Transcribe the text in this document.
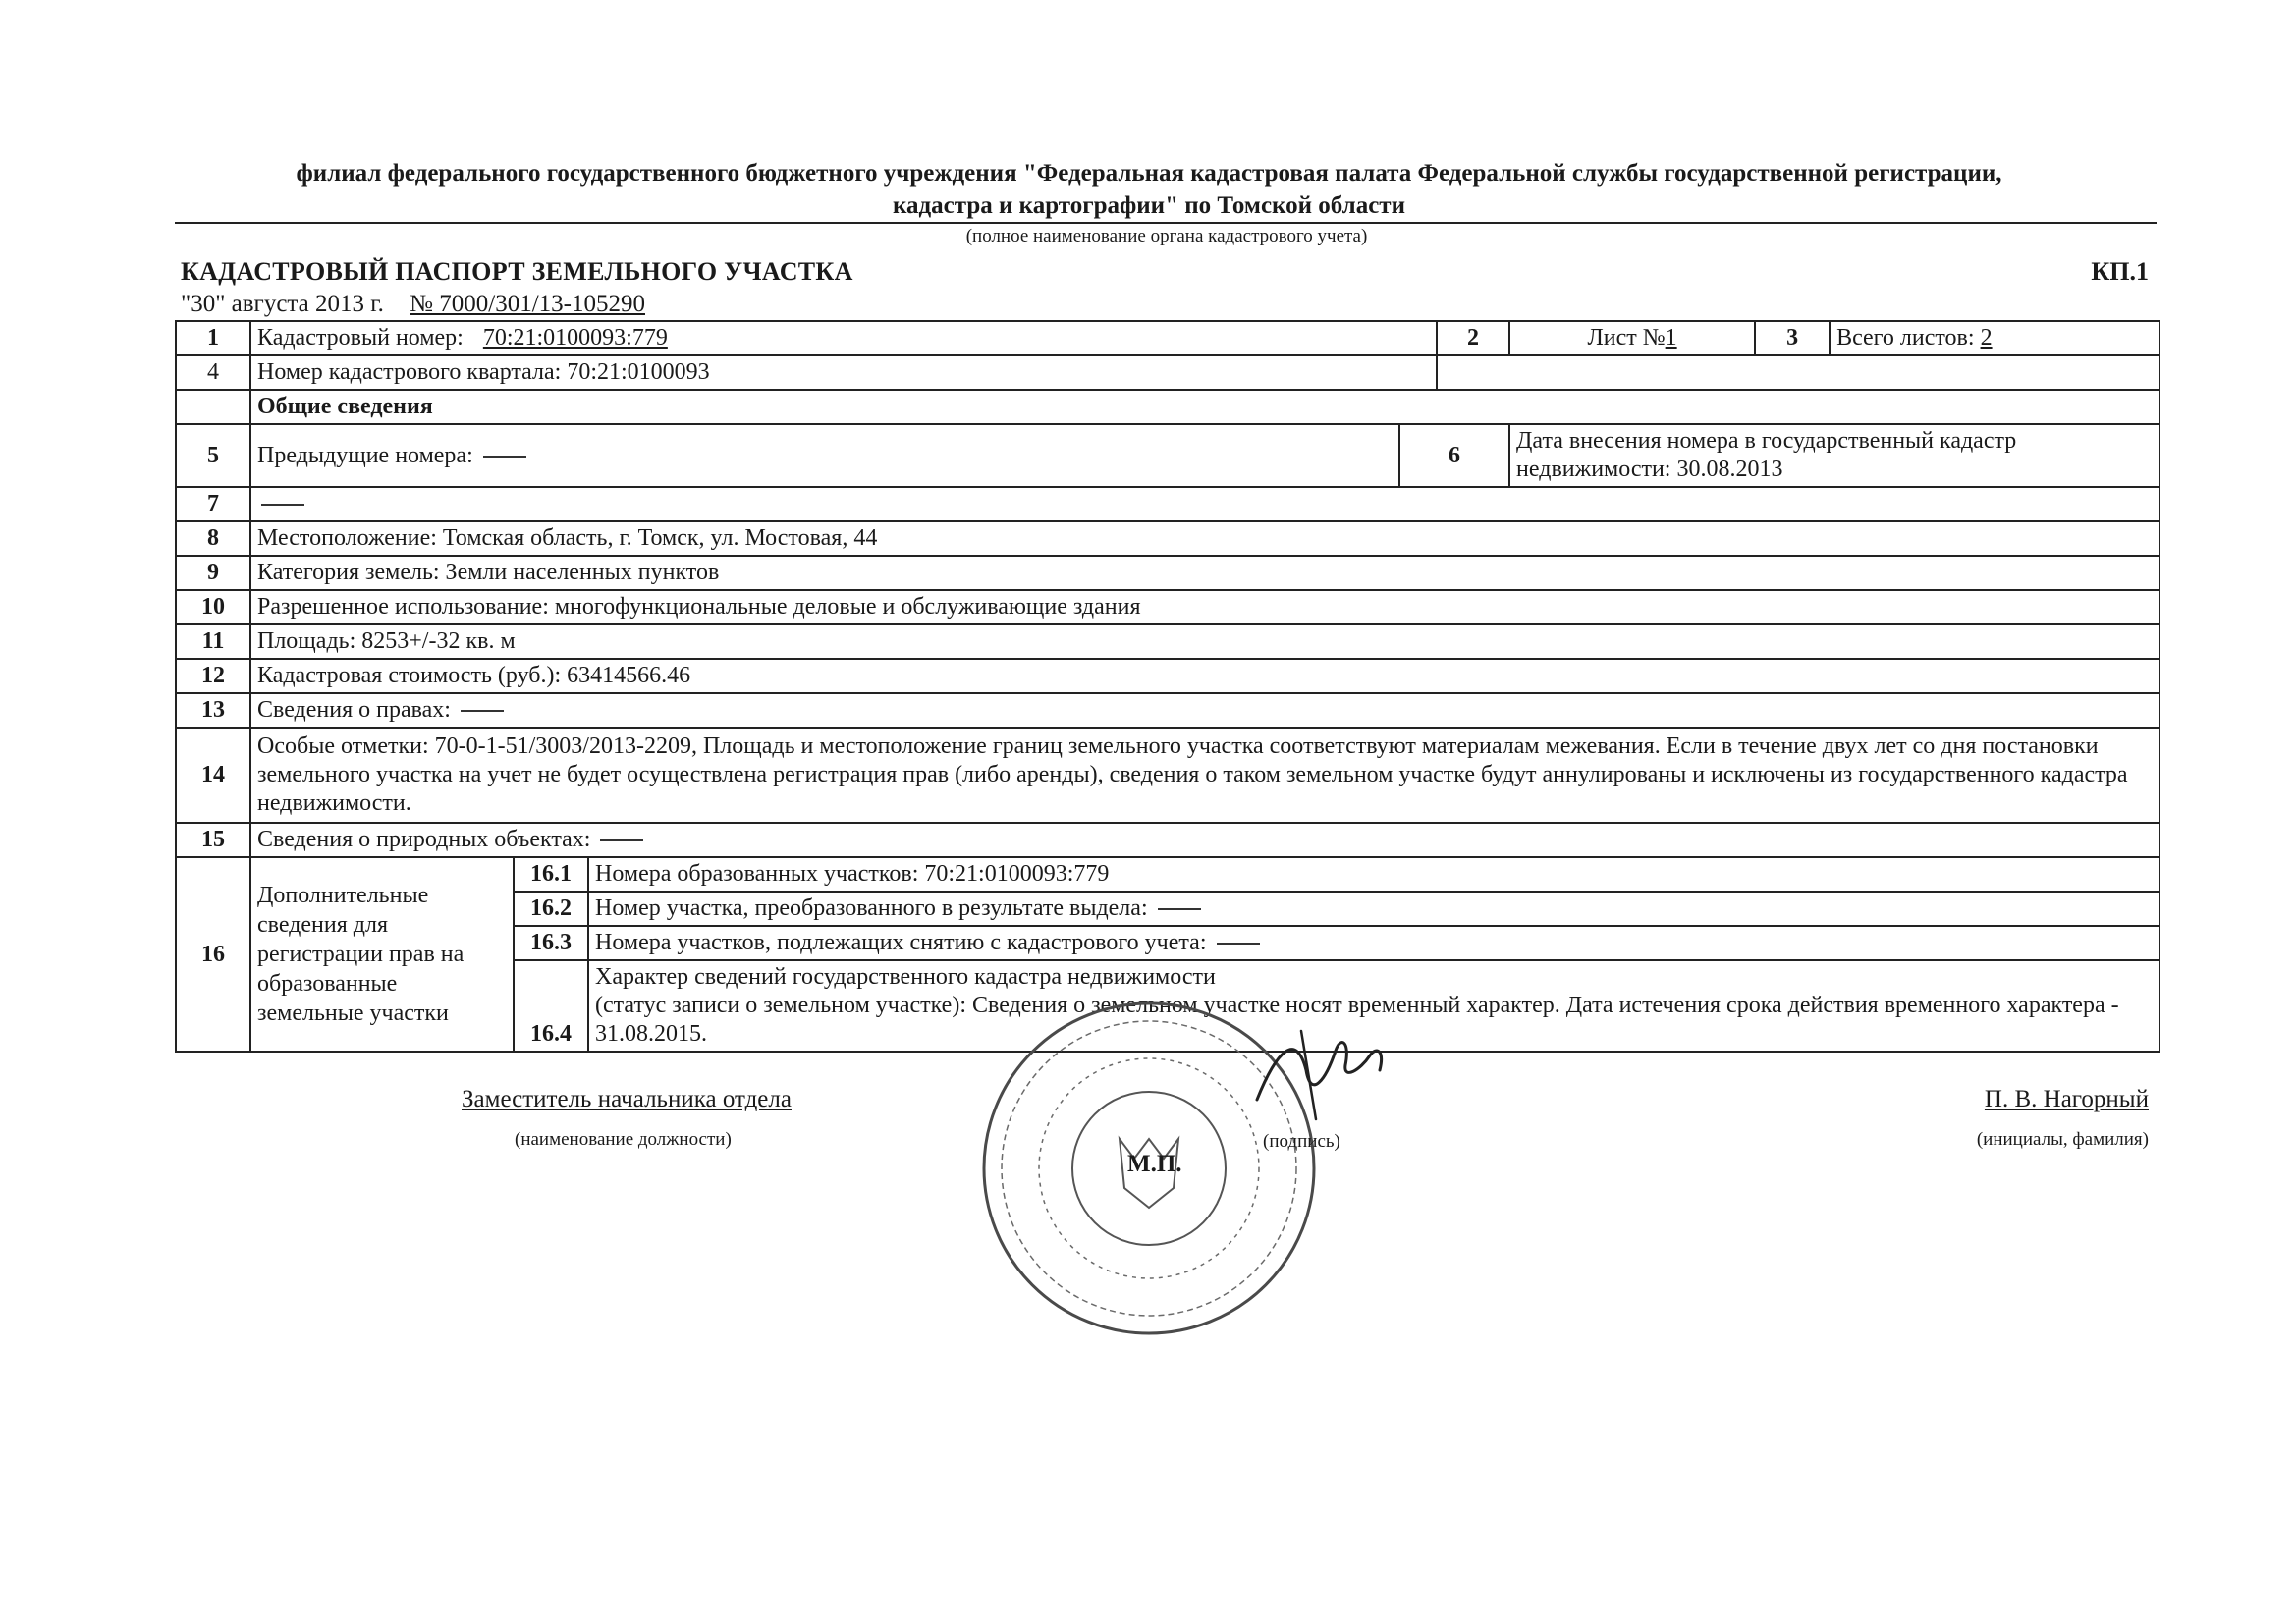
филиал федерального государственного бюджетного учреждения "Федеральная кадастровая палата Федеральной службы государственной регистрации,
кадастра и картографии" по Томской области
(полное наименование органа кадастрового учета)
КАДАСТРОВЫЙ ПАСПОРТ ЗЕМЕЛЬНОГО УЧАСТКА	КП.1
"30" августа 2013 г. № 7000/301/13-105290
1	Кадастровый номер: 70:21:0100093:779				2	Лист №1	3	Всего листов: 2
4	Номер кадастрового квартала: 70:21:0100093							
	Общие сведения							
5	Предыдущие номера:			6		Дата внесения номера в государственный кадастр недвижимости: 30.08.2013		
7								
8	Местоположение: Томская область, г. Томск, ул. Мостовая, 44							
9	Категория земель: Земли населенных пунктов							
10	Разрешенное использование: многофункциональные деловые и обслуживающие здания							
11	Площадь: 8253+/-32 кв. м							
12	Кадастровая стоимость (руб.): 63414566.46							
13	Сведения о правах:							
14	Особые отметки: 70-0-1-51/3003/2013-2209, Площадь и местоположение границ земельного участка соответствуют материалам межевания. Если в течение двух лет со дня постановки земельного участка на учет не будет осуществлена регистрация прав (либо аренды), сведения о таком земельном участке будут аннулированы и исключены из государственного кадастра недвижимости.							
15	Сведения о природных объектах:							
16	Дополнительные сведения для регистрации прав на образованные земельные участки	16.1	Номера образованных участков: 70:21:0100093:779					
		16.2	Номер участка, преобразованного в результате выдела:					
		16.3	Номера участков, подлежащих снятию с кадастрового учета:					
		16.4	Характер сведений государственного кадастра недвижимости
(статус записи о земельном участке): Сведения о земельном участке носят временный характер. Дата истечения срока действия временного характера - 31.08.2015.					
Заместитель начальника отдела
(наименование должности)
М.П.
(подпись)
П. В. Нагорный
(инициалы, фамилия)
